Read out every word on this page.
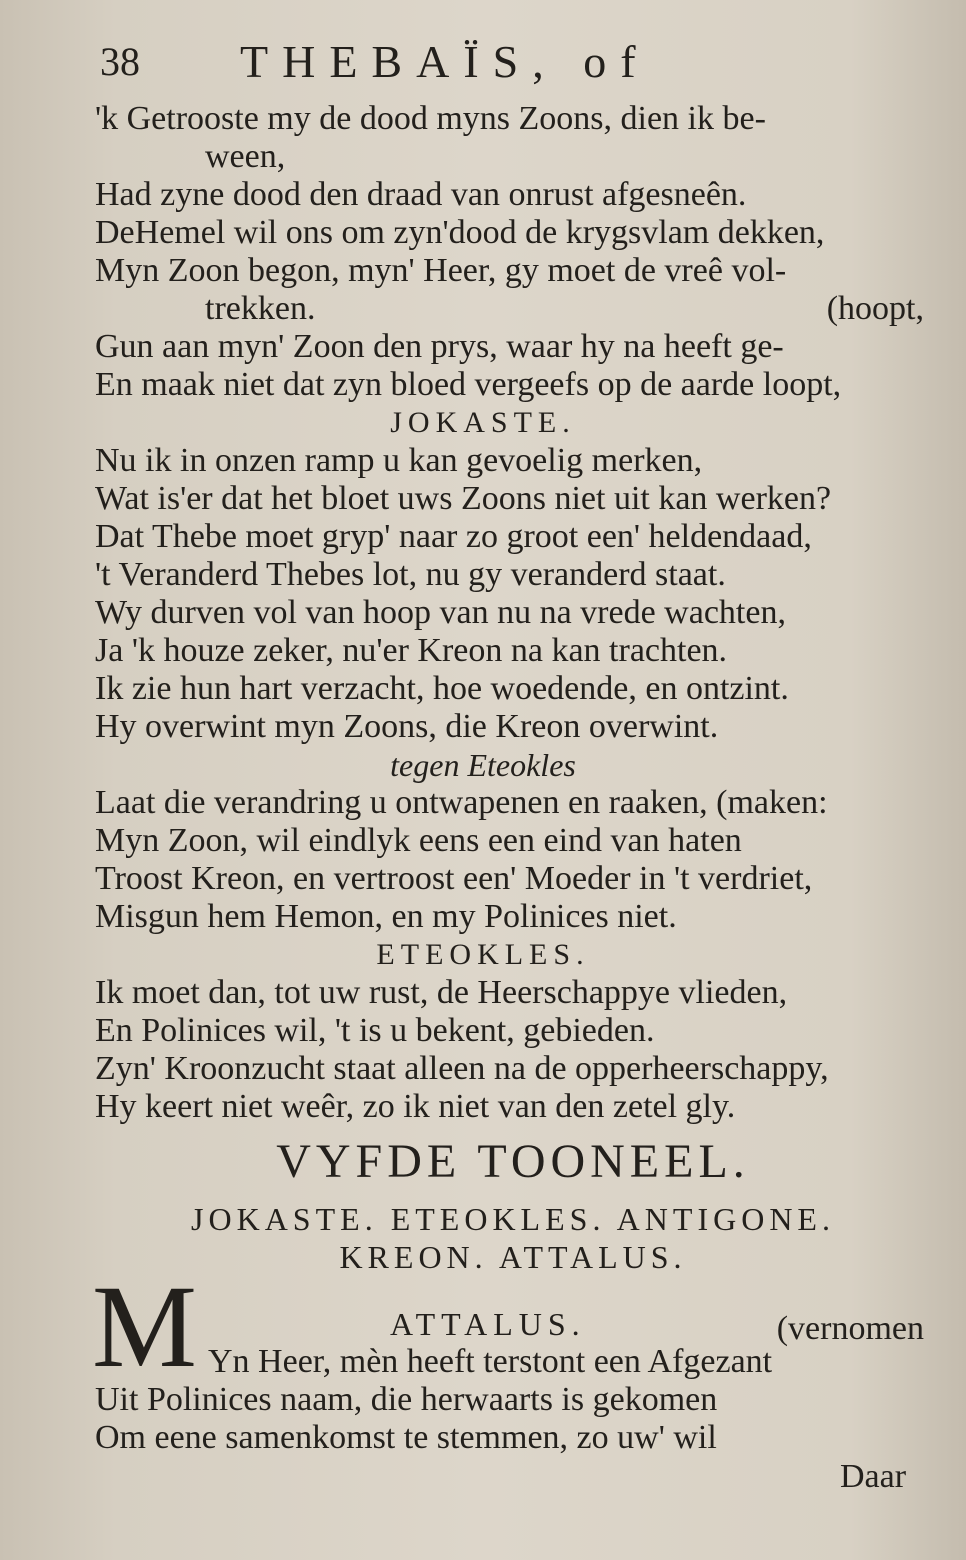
38 THEBAÏS, of
'k Getrooste my de dood myns Zoons, dien ik be-
ween,
Had zyne dood den draad van onrust afgesneên.
DeHemel wil ons om zyn'dood de krygsvlam dekken,
Myn Zoon begon, myn' Heer, gy moet de vreê vol-
trekken.	(hoopt,
Gun aan myn' Zoon den prys, waar hy na heeft ge-
En maak niet dat zyn bloed vergeefs op de aarde loopt,
JOKASTE.
Nu ik in onzen ramp u kan gevoelig merken,
Wat is'er dat het bloet uws Zoons niet uit kan werken?
Dat Thebe moet gryp' naar zo groot een' heldendaad,
't Veranderd Thebes lot, nu gy veranderd staat.
Wy durven vol van hoop van nu na vrede wachten,
Ja 'k houze zeker, nu'er Kreon na kan trachten.
Ik zie hun hart verzacht, hoe woedende, en ontzint.
Hy overwint myn Zoons, die Kreon overwint.
tegen Eteokles
Laat die verandring u ontwapenen en raaken, (maken:
Myn Zoon, wil eindlyk eens een eind van haten
Troost Kreon, en vertroost een' Moeder in 't verdriet,
Misgun hem Hemon, en my Polinices niet.
ETEOKLES.
Ik moet dan, tot uw rust, de Heerschappye vlieden,
En Polinices wil, 't is u bekent, gebieden.
Zyn' Kroonzucht staat alleen na de opperheerschappy,
Hy keert niet weêr, zo ik niet van den zetel gly.
VYFDE TOONEEL.
JOKASTE. ETEOKLES. ANTIGONE.
KREON. ATTALUS.
M	ATTALUS.	(vernomen
Yn Heer, mèn heeft terstont een Afgezant
Uit Polinices naam, die herwaarts is gekomen
Om eene samenkomst te stemmen, zo uw' wil
Daar
